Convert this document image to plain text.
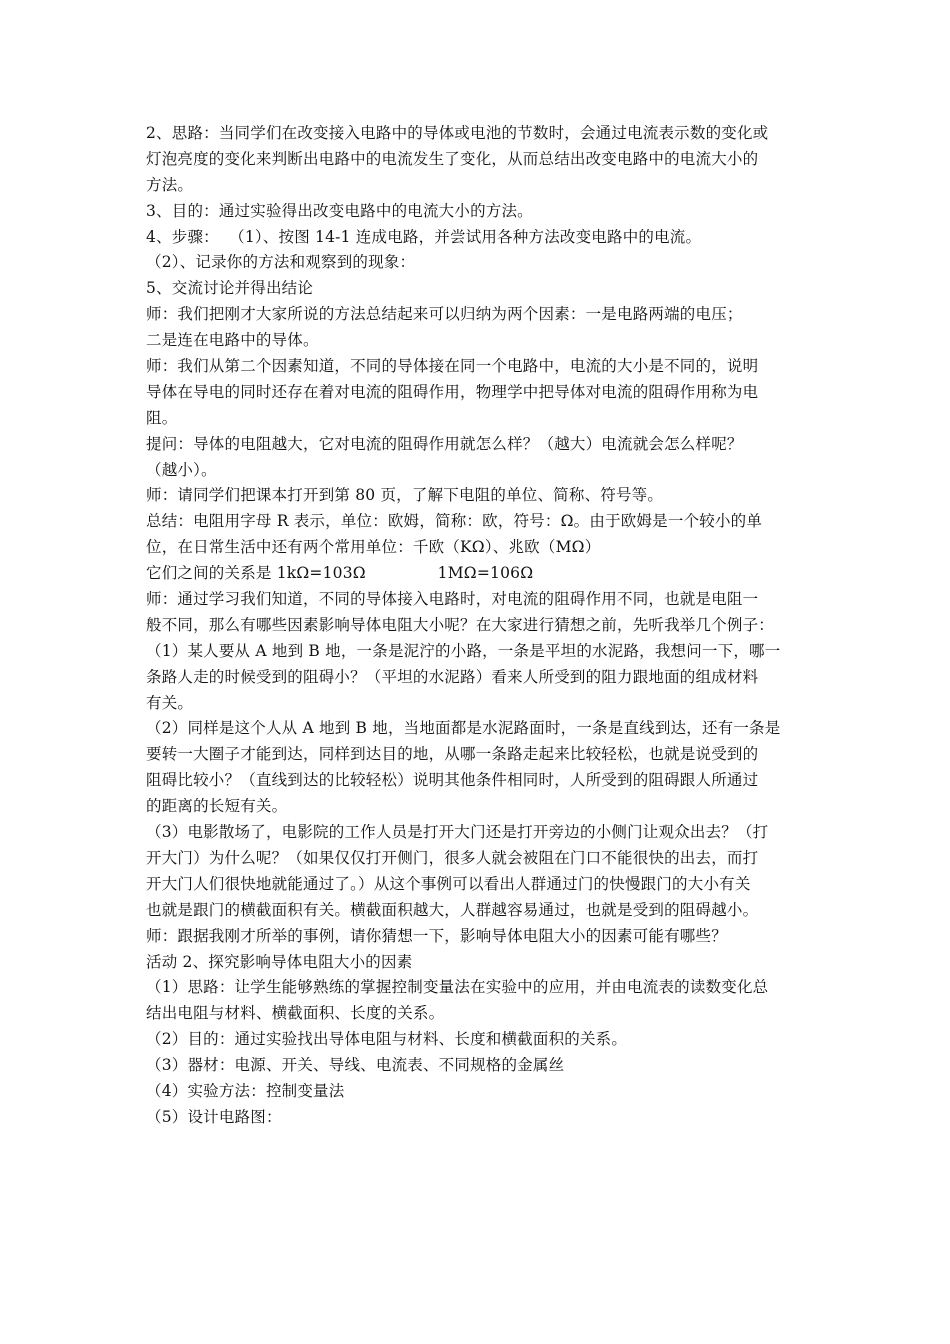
2、思路：当同学们在改变接入电路中的导体或电池的节数时，会通过电流表示数的变化或
灯泡亮度的变化来判断出电路中的电流发生了变化，从而总结出改变电路中的电流大小的
方法。
3、目的：通过实验得出改变电路中的电流大小的方法。
4、步骤：  （1）、按图 14-1 连成电路，并尝试用各种方法改变电路中的电流。
（2）、记录你的方法和观察到的现象：
5、交流讨论并得出结论
师：我们把刚才大家所说的方法总结起来可以归纳为两个因素：一是电路两端的电压；
二是连在电路中的导体。
师：我们从第二个因素知道，不同的导体接在同一个电路中，电流的大小是不同的，说明
导体在导电的同时还存在着对电流的阻碍作用，物理学中把导体对电流的阻碍作用称为电
阻。
提问：导体的电阻越大，它对电流的阻碍作用就怎么样？（越大）电流就会怎么样呢？
（越小）。
师：请同学们把课本打开到第 80 页，了解下电阻的单位、简称、符号等。
总结：电阻用字母 R 表示，单位：欧姆，简称：欧，符号：Ω。由于欧姆是一个较小的单
位，在日常生活中还有两个常用单位：千欧（KΩ）、兆欧（MΩ）
它们之间的关系是 1kΩ=103Ω              1MΩ=106Ω
师：通过学习我们知道，不同的导体接入电路时，对电流的阻碍作用不同，也就是电阻一
般不同，那么有哪些因素影响导体电阻大小呢？在大家进行猜想之前，先听我举几个例子：
（1）某人要从 A 地到 B 地，一条是泥泞的小路，一条是平坦的水泥路，我想问一下，哪一
条路人走的时候受到的阻碍小？（平坦的水泥路）看来人所受到的阻力跟地面的组成材料
有关。
（2）同样是这个人从 A 地到 B 地，当地面都是水泥路面时，一条是直线到达，还有一条是
要转一大圈子才能到达，同样到达目的地，从哪一条路走起来比较轻松，也就是说受到的
阻碍比较小？（直线到达的比较轻松）说明其他条件相同时，人所受到的阻碍跟人所通过
的距离的长短有关。
（3）电影散场了，电影院的工作人员是打开大门还是打开旁边的小侧门让观众出去？（打
开大门）为什么呢？（如果仅仅打开侧门，很多人就会被阻在门口不能很快的出去，而打
开大门人们很快地就能通过了。）从这个事例可以看出人群通过门的快慢跟门的大小有关
也就是跟门的横截面积有关。横截面积越大，人群越容易通过，也就是受到的阻碍越小。
师：跟据我刚才所举的事例，请你猜想一下，影响导体电阻大小的因素可能有哪些？
活动 2、探究影响导体电阻大小的因素
（1）思路：让学生能够熟练的掌握控制变量法在实验中的应用，并由电流表的读数变化总
结出电阻与材料、横截面积、长度的关系。
（2）目的：通过实验找出导体电阻与材料、长度和横截面积的关系。
（3）器材：电源、开关、导线、电流表、不同规格的金属丝
（4）实验方法：控制变量法
（5）设计电路图：
